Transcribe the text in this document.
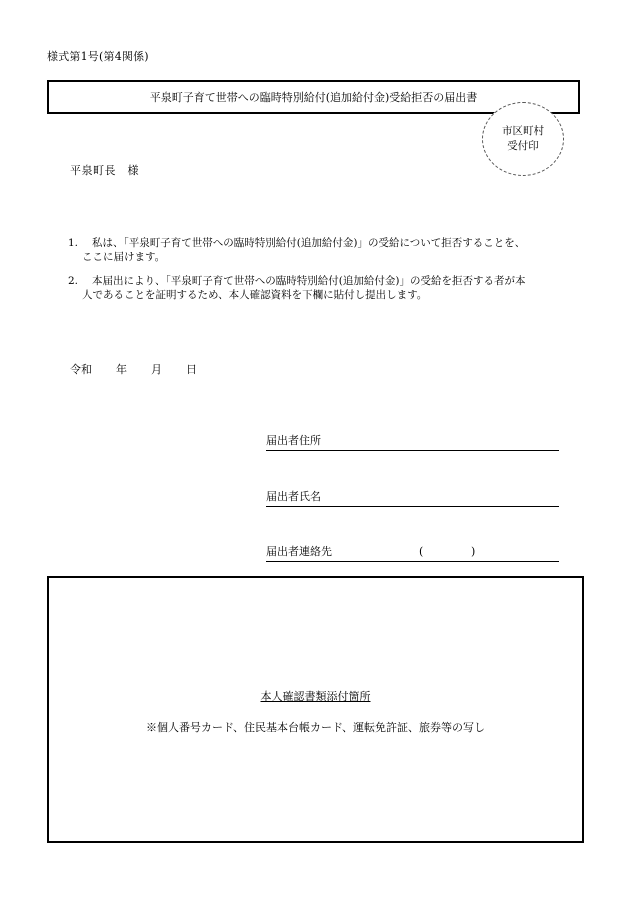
様式第1号(第4関係)
平泉町子育て世帯への臨時特別給付(追加給付金)受給拒否の届出書
市区町村
受付印
平泉町長　様
1. 私は、「平泉町子育て世帯への臨時特別給付(追加給付金)」の受給について拒否することを、
ここに届けます。
2. 本届出により、「平泉町子育て世帯への臨時特別給付(追加給付金)」の受給を拒否する者が本
人であることを証明するため、本人確認資料を下欄に貼付し提出します。
令和 年 月 日
届出者住所
届出者氏名
届出者連絡先	(	)
本人確認書類添付箇所
※個人番号カード、住民基本台帳カード、運転免許証、旅券等の写し
